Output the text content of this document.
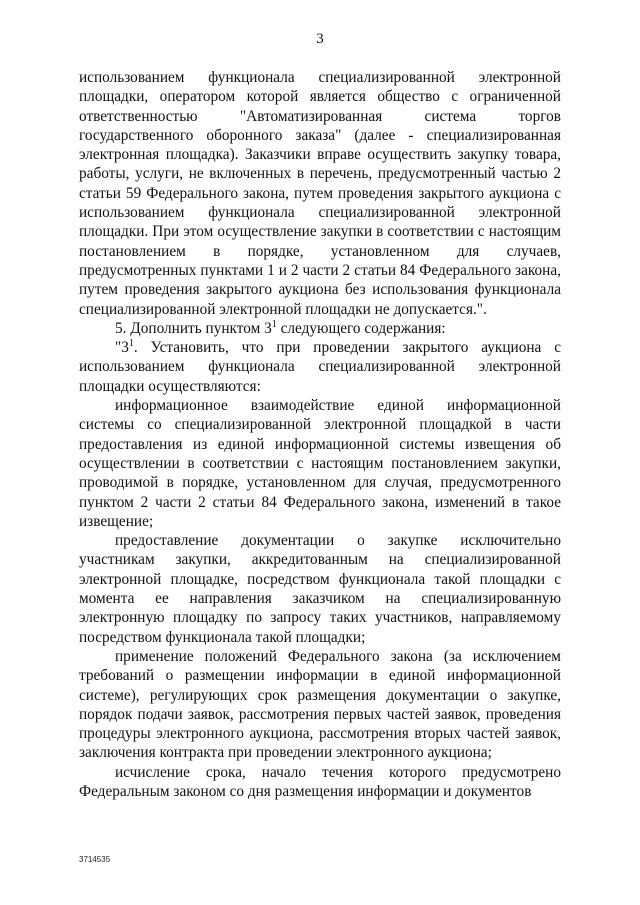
3

использованием функционала специализированной электронной площадки, оператором которой является общество с ограниченной ответственностью "Автоматизированная система торгов государственного оборонного заказа" (далее - специализированная электронная площадка). Заказчики вправе осуществить закупку товара, работы, услуги, не включенных в перечень, предусмотренный частью 2 статьи 59 Федерального закона, путем проведения закрытого аукциона с использованием функционала специализированной электронной площадки. При этом осуществление закупки в соответствии с настоящим постановлением в порядке, установленном для случаев, предусмотренных пунктами 1 и 2 части 2 статьи 84 Федерального закона, путем проведения закрытого аукциона без использования функционала специализированной электронной площадки не допускается.".

5. Дополнить пунктом $3^1$ следующего содержания:

"$3^1$. Установить, что при проведении закрытого аукциона с использованием функционала специализированной электронной площадки осуществляются:

информационное взаимодействие единой информационной системы со специализированной электронной площадкой в части предоставления из единой информационной системы извещения об осуществлении в соответствии с настоящим постановлением закупки, проводимой в порядке, установленном для случая, предусмотренного пунктом 2 части 2 статьи 84 Федерального закона, изменений в такое извещение;

предоставление документации о закупке исключительно участникам закупки, аккредитованным на специализированной электронной площадке, посредством функционала такой площадки с момента ее направления заказчиком на специализированную электронную площадку по запросу таких участников, направляемому посредством функционала такой площадки;

применение положений Федерального закона (за исключением требований о размещении информации в единой информационной системе), регулирующих срок размещения документации о закупке, порядок подачи заявок, рассмотрения первых частей заявок, проведения процедуры электронного аукциона, рассмотрения вторых частей заявок, заключения контракта при проведении электронного аукциона;

исчисление срока, начало течения которого предусмотрено Федеральным законом со дня размещения информации и документов

3714535
